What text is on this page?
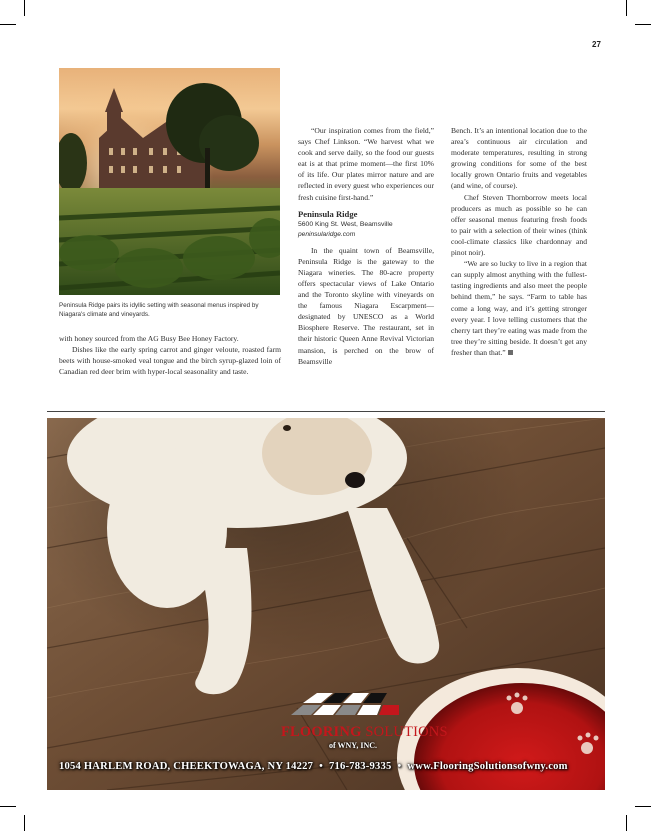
27
Peninsula Ridge pairs its idyllic setting with seasonal menus inspired by Niagara's climate and vineyards.

with honey sourced from the AG Busy Bee Honey Factory.

Dishes like the early spring carrot and ginger veloute, roasted farm beets with house-smoked veal tongue and the birch syrup-glazed loin of Canadian red deer brim with hyper-local seasonality and taste.

“Our inspiration comes from the field,” says Chef Linkson. “We harvest what we cook and serve daily, so the food our guests eat is at that prime moment—the first 10% of its life. Our plates mirror nature and are reflected in every guest who experiences our fresh cuisine first-hand.”

Peninsula Ridge
5600 King St. West, Beamsville
peninsularidge.com

In the quaint town of Beamsville, Peninsula Ridge is the gateway to the Niagara wineries. The 80-acre property offers spectacular views of Lake Ontario and the Toronto skyline with vineyards on the famous Niagara Escarpment—designated by UNESCO as a World Biosphere Reserve. The restaurant, set in their historic Queen Anne Revival Victorian mansion, is perched on the brow of Beamsville

Bench. It’s an intentional location due to the area’s continuous air circulation and moderate temperatures, resulting in strong growing conditions for some of the best locally grown Ontario fruits and vegetables (and wine, of course).

Chef Steven Thornborrow meets local producers as much as possible so he can offer seasonal menus featuring fresh foods to pair with a selection of their wines (think cool-climate classics like chardonnay and pinot noir).

“We are so lucky to live in a region that can supply almost anything with the fullest-tasting ingredients and also meet the people behind them,” he says. “Farm to table has come a long way, and it’s getting stronger every year. I love telling customers that the cherry tart they’re eating was made from the tree they’re sitting beside. It doesn’t get any fresher than that.”

FLOORING SOLUTIONS
of WNY, INC.
1054 HARLEM ROAD, CHEEKTOWAGA, NY 14227 • 716-783-9335 • www.FlooringSolutionsofwny.com
